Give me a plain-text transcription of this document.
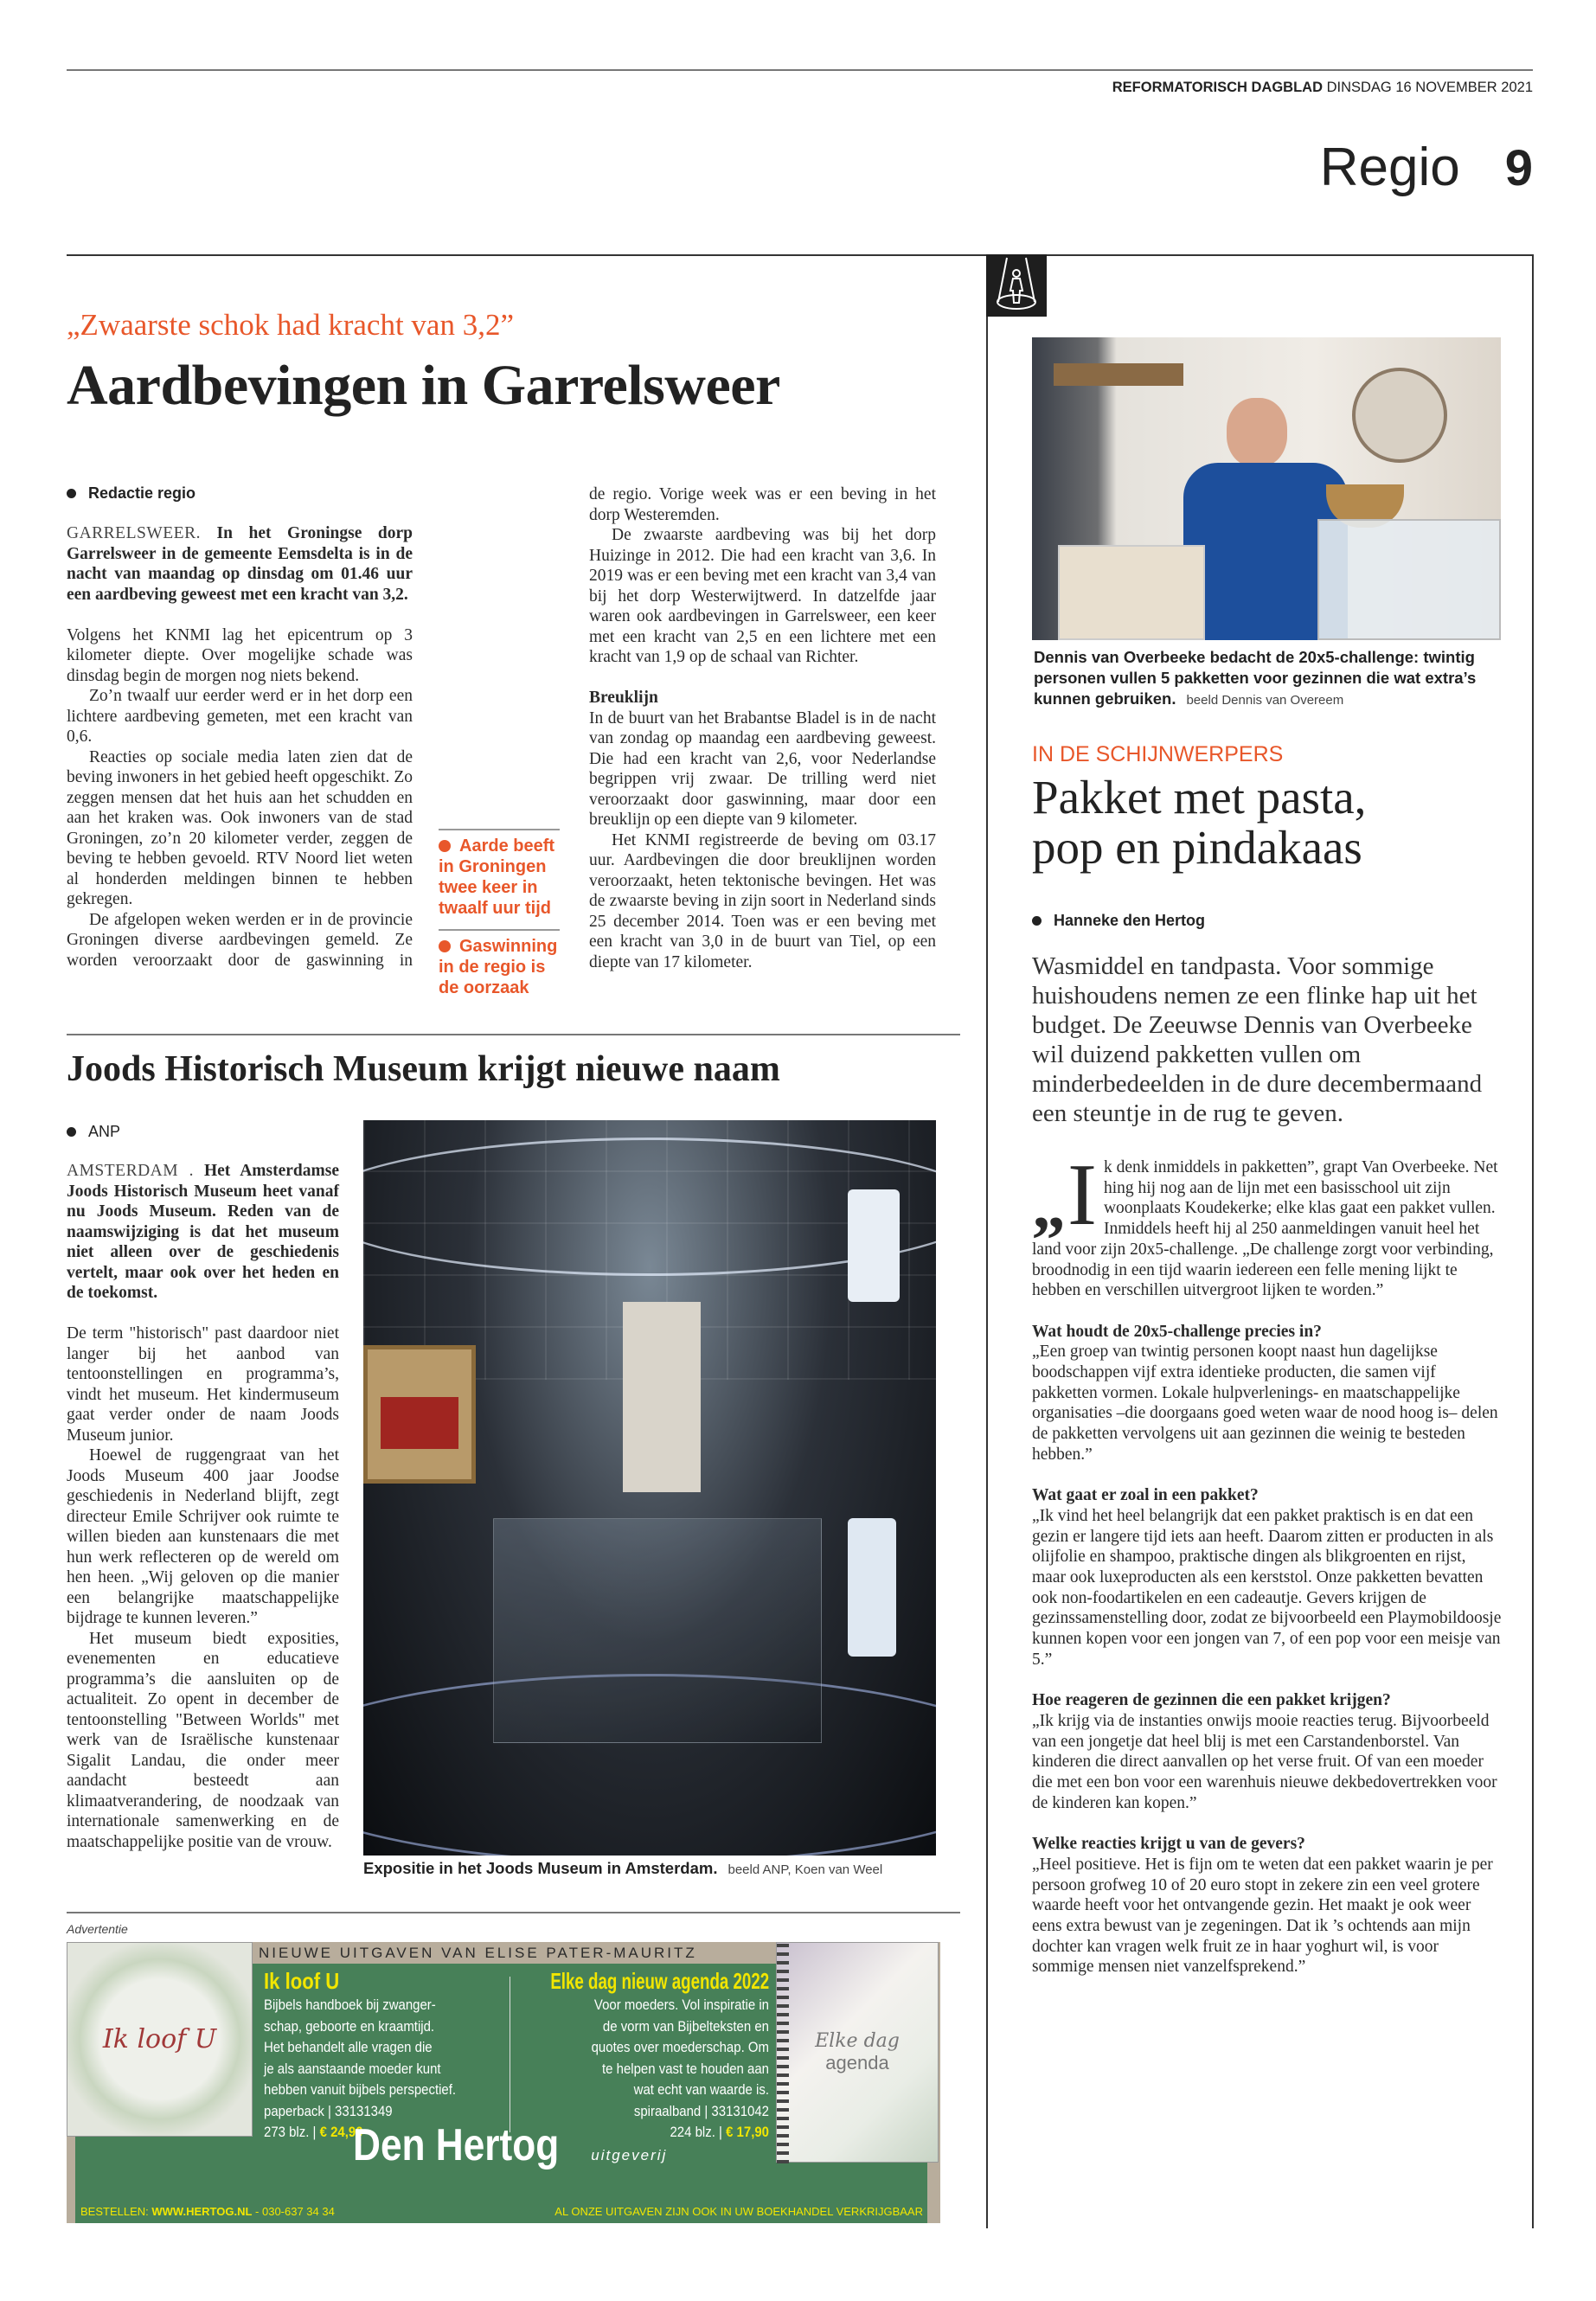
REFORMATORISCH DAGBLAD DINSDAG 16 NOVEMBER 2021
Regio 9
„Zwaarste schok had kracht van 3,2”
Aardbevingen in Garrelsweer
Redactie regio

GARRELSWEER. In het Groningse dorp Garrelsweer in de gemeente Eemsdelta is in de nacht van maandag op dinsdag om 01.46 uur een aardbeving geweest met een kracht van 3,2.

Volgens het KNMI lag het epicentrum op 3 kilometer diepte. Over mogelijke schade was dinsdag begin de morgen nog niets bekend.

Zo’n twaalf uur eerder werd er in het dorp een lichtere aardbeving gemeten, met een kracht van 0,6.

Reacties op sociale media laten zien dat de beving inwoners in het gebied heeft opgeschikt. Zo zeggen mensen dat het huis aan het schudden en aan het kraken was. Ook inwoners van de stad Groningen, zo’n 20 kilometer verder, zeggen de beving te hebben gevoeld. RTV Noord liet weten al honderden meldingen binnen te hebben gekregen.

De afgelopen weken werden er in de provincie Groningen diverse aardbevingen gemeld. Ze worden veroorzaakt door de gaswinning in

Aarde beeft in Groningen twee keer in twaalf uur tijd
Gaswinning in de regio is de oorzaak

de regio. Vorige week was er een beving in het dorp Westeremden.

De zwaarste aardbeving was bij het dorp Huizinge in 2012. Die had een kracht van 3,6. In 2019 was er een beving met een kracht van 3,4 van bij het dorp Westerwijtwerd. In datzelfde jaar waren ook aardbevingen in Garrelsweer, een keer met een kracht van 2,5 en een lichtere met een kracht van 1,9 op de schaal van Richter.

Breuklijn

In de buurt van het Brabantse Bladel is in de nacht van zondag op maandag een aardbeving geweest. Die had een kracht van 2,6, voor Nederlandse begrippen vrij zwaar. De trilling werd niet veroorzaakt door gaswinning, maar door een breuklijn op een diepte van 9 kilometer.

Het KNMI registreerde de beving om 03.17 uur. Aardbevingen die door breuklijnen worden veroorzaakt, heten tektonische bevingen. Het was de zwaarste beving in zijn soort in Nederland sinds 25 december 2014. Toen was er een beving met een kracht van 3,0 in de buurt van Tiel, op een diepte van 17 kilometer.

Joods Historisch Museum krijgt nieuwe naam
ANP

AMSTERDAM . Het Amsterdamse Joods Historisch Museum heet vanaf nu Joods Museum. Reden van de naamswijziging is dat het museum niet alleen over de geschiedenis vertelt, maar ook over het heden en de toekomst.

De term "historisch" past daardoor niet langer bij het aanbod van tentoonstellingen en programma’s, vindt het museum. Het kindermuseum gaat verder onder de naam Joods Museum junior.

Hoewel de ruggengraat van het Joods Museum 400 jaar Joodse geschiedenis in Nederland blijft, zegt directeur Emile Schrijver ook ruimte te willen bieden aan kunstenaars die met hun werk reflecteren op de wereld om hen heen. „Wij geloven op die manier een belangrijke maatschappelijke bijdrage te kunnen leveren.”

Het museum biedt exposities, evenementen en educatieve programma’s die aansluiten op de actualiteit. Zo opent in december de tentoonstelling "Between Worlds" met werk van de Israëlische kunstenaar Sigalit Landau, die onder meer aandacht besteedt aan klimaatverandering, de noodzaak van internationale samenwerking en de maatschappelijke positie van de vrouw.

Expositie in het Joods Museum in Amsterdam. beeld ANP, Koen van Weel
Advertentie
NIEUWE UITGAVEN VAN ELISE PATER-MAURITZ
Ik loof U
Ik loof U
Bijbels handboek bij zwanger-
schap, geboorte en kraamtijd.
Het behandelt alle vragen die
je als aanstaande moeder kunt
hebben vanuit bijbels perspectief.
paperback | 33131349
273 blz. | € 24,90
Elke dag nieuw agenda 2022
Voor moeders. Vol inspiratie in
de vorm van Bijbelteksten en
quotes over moederschap. Om
te helpen vast te houden aan
wat echt van waarde is.
spiraalband | 33131042
224 blz. | € 17,90
Elke dag
agenda
Den Hertog uitgeverij
BESTELLEN: WWW.HERTOG.NL - 030-637 34 34	AL ONZE UITGAVEN ZIJN OOK IN UW BOEKHANDEL VERKRIJGBAAR
Dennis van Overbeeke bedacht de 20x5-challenge: twintig personen vullen 5 pakketten voor gezinnen die wat extra’s kunnen gebruiken. beeld Dennis van Overeem
IN DE SCHIJNWERPERS
Pakket met pasta,
pop en pindakaas
Hanneke den Hertog
Wasmiddel en tandpasta. Voor sommige huishoudens nemen ze een flinke hap uit het budget. De Zeeuwse Dennis van Overbeeke wil duizend pakketten vullen om minderbedeelden in de dure decembermaand een steuntje in de rug te geven.
„ I k denk inmiddels in pakketten”, grapt Van Overbeeke. Net hing hij nog aan de lijn met een basisschool uit zijn woonplaats Koudekerke; elke klas gaat een pakket vullen. Inmiddels heeft hij al 250 aanmeldingen vanuit heel het land voor zijn 20x5-challenge. „De challenge zorgt voor verbinding, broodnodig in een tijd waarin iedereen een felle mening lijkt te hebben en verschillen uitvergroot lijken te worden.”
Wat houdt de 20x5-challenge precies in?
„Een groep van twintig personen koopt naast hun dagelijkse boodschappen vijf extra identieke producten, die samen vijf pakketten vormen. Lokale hulpverlenings- en maatschappelijke organisaties –die doorgaans goed weten waar de nood hoog is– delen de pakketten vervolgens uit aan gezinnen die weinig te besteden hebben.”
Wat gaat er zoal in een pakket?
„Ik vind het heel belangrijk dat een pakket praktisch is en dat een gezin er langere tijd iets aan heeft. Daarom zitten er producten in als olijfolie en shampoo, praktische dingen als blikgroenten en rijst, maar ook luxeproducten als een kerststol. Onze pakketten bevatten ook non-foodartikelen en een cadeautje. Gevers krijgen de gezinssamenstelling door, zodat ze bijvoorbeeld een Playmobildoosje kunnen kopen voor een jongen van 7, of een pop voor een meisje van 5.”
Hoe reageren de gezinnen die een pakket krijgen?
„Ik krijg via de instanties onwijs mooie reacties terug. Bijvoorbeeld van een jongetje dat heel blij is met een Carstandenborstel. Van kinderen die direct aanvallen op het verse fruit. Of van een moeder die met een bon voor een warenhuis nieuwe dekbedovertrekken voor de kinderen kan kopen.”
Welke reacties krijgt u van de gevers?
„Heel positieve. Het is fijn om te weten dat een pakket waarin je per persoon grofweg 10 of 20 euro stopt in zekere zin een veel grotere waarde heeft voor het ontvangende gezin. Het maakt je ook weer eens extra bewust van je zegeningen. Dat ik ’s ochtends aan mijn dochter kan vragen welk fruit ze in haar yoghurt wil, is voor sommige mensen niet vanzelfsprekend.”
